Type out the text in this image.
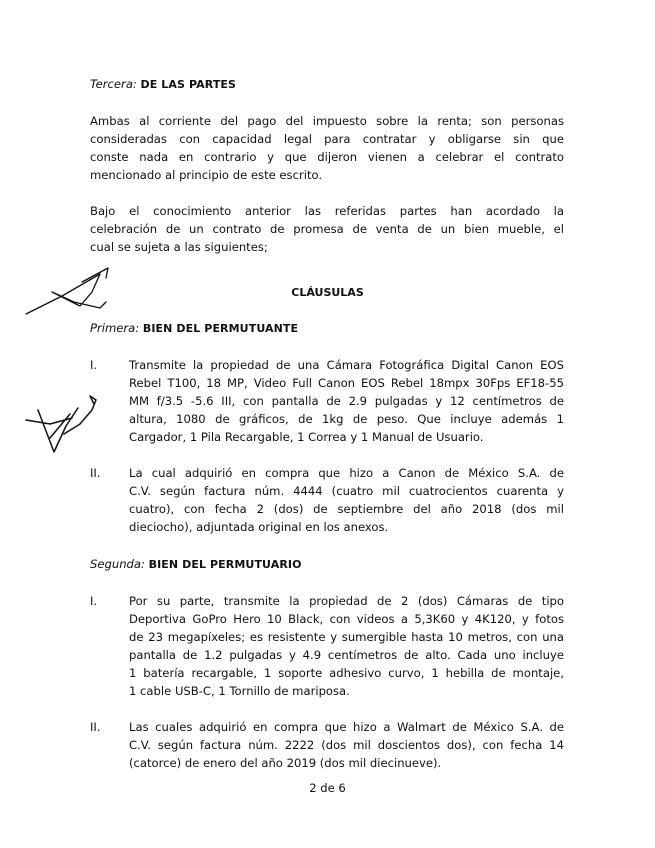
Tercera: DE LAS PARTES
Ambas al corriente del pago del impuesto sobre la renta; son personas
consideradas con capacidad legal para contratar y obligarse sin que
conste nada en contrario y que dijeron vienen a celebrar el contrato
mencionado al principio de este escrito.
Bajo el conocimiento anterior las referidas partes han acordado la
celebración de un contrato de promesa de venta de un bien mueble, el
cual se sujeta a las siguientes;
CLÁUSULAS
Primera: BIEN DEL PERMUTUANTE
I.	Transmite la propiedad de una Cámara Fotográfica Digital Canon EOS
Rebel T100, 18 MP, Video Full Canon EOS Rebel 18mpx 30Fps EF18-55
MM f/3.5 -5.6 III, con pantalla de 2.9 pulgadas y 12 centímetros de
altura, 1080 de gráficos, de 1kg de peso. Que incluye además 1
Cargador, 1 Pila Recargable, 1 Correa y 1 Manual de Usuario.
II. La cual adquirió en compra que hizo a Canon de México S.A. de
C.V. según factura núm. 4444 (cuatro mil cuatrocientos cuarenta y
cuatro), con fecha 2 (dos) de septiembre del año 2018 (dos mil
dieciocho), adjuntada original en los anexos.
Segunda: BIEN DEL PERMUTUARIO
I.	Por su parte, transmite la propiedad de 2 (dos) Cámaras de tipo
Deportiva GoPro Hero 10 Black, con videos a 5,3K60 y 4K120, y fotos
de 23 megapíxeles; es resistente y sumergible hasta 10 metros, con una
pantalla de 1.2 pulgadas y 4.9 centímetros de alto. Cada uno incluye
1 batería recargable, 1 soporte adhesivo curvo, 1 hebilla de montaje,
1 cable USB-C, 1 Tornillo de mariposa.
II. Las cuales adquirió en compra que hizo a Walmart de México S.A. de
C.V. según factura núm. 2222 (dos mil doscientos dos), con fecha 14
(catorce) de enero del año 2019 (dos mil diecinueve).
2 de 6
